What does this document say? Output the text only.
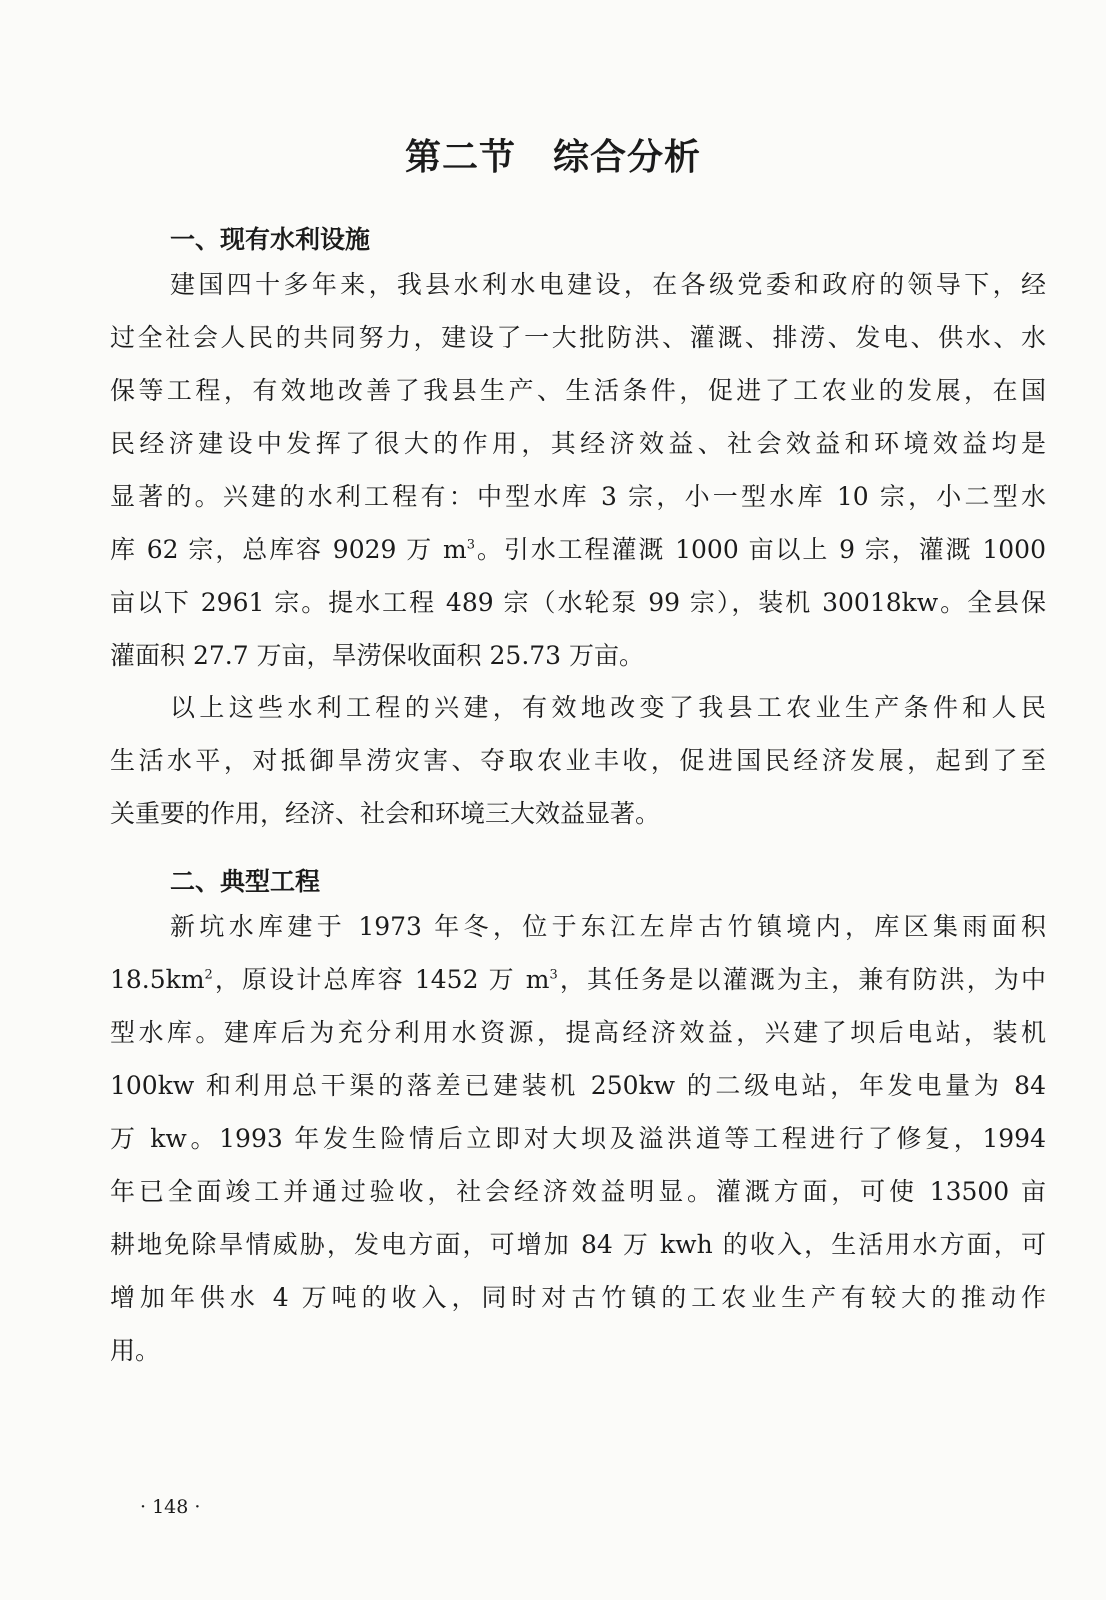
第二节　综合分析
一、现有水利设施
建国四十多年来，我县水利水电建设，在各级党委和政府的领导下，经
过全社会人民的共同努力，建设了一大批防洪、灌溉、排涝、发电、供水、水
保等工程，有效地改善了我县生产、生活条件，促进了工农业的发展，在国
民经济建设中发挥了很大的作用，其经济效益、社会效益和环境效益均是
显著的。兴建的水利工程有：中型水库 3 宗，小一型水库 10 宗，小二型水
库 62 宗，总库容 9029 万 $m^3$。引水工程灌溉 1000 亩以上 9 宗，灌溉 1000
亩以下 2961 宗。提水工程 489 宗（水轮泵 99 宗），装机 30018kw。全县保
灌面积 27.7 万亩，旱涝保收面积 25.73 万亩。
以上这些水利工程的兴建，有效地改变了我县工农业生产条件和人民
生活水平，对抵御旱涝灾害、夺取农业丰收，促进国民经济发展，起到了至
关重要的作用，经济、社会和环境三大效益显著。
二、典型工程
新坑水库建于 1973 年冬，位于东江左岸古竹镇境内，库区集雨面积
$18.5km^2$，原设计总库容 1452 万 $m^3$，其任务是以灌溉为主，兼有防洪，为中
型水库。建库后为充分利用水资源，提高经济效益，兴建了坝后电站，装机
100kw 和利用总干渠的落差已建装机 250kw 的二级电站，年发电量为 84
万 kw。1993 年发生险情后立即对大坝及溢洪道等工程进行了修复，1994
年已全面竣工并通过验收，社会经济效益明显。灌溉方面，可使 13500 亩
耕地免除旱情威胁，发电方面，可增加 84 万 kwh 的收入，生活用水方面，可
增加年供水 4 万吨的收入，同时对古竹镇的工农业生产有较大的推动作
用。
· 148 ·
